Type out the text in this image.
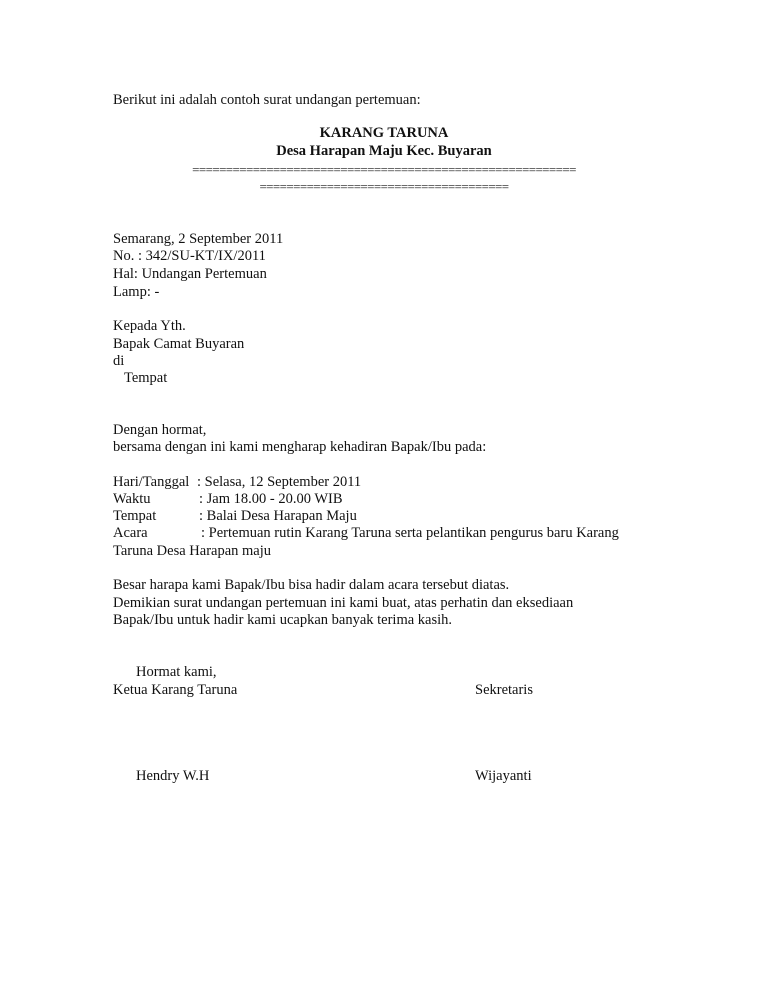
Berikut ini adalah contoh surat undangan pertemuan:
KARANG TARUNA
Desa Harapan Maju Kec. Buyaran
=========================================================
=====================================
Semarang, 2 September 2011
No. : 342/SU-KT/IX/2011
Hal: Undangan Pertemuan
Lamp: -
Kepada Yth.
Bapak Camat Buyaran
di
Tempat
Dengan hormat,
bersama dengan ini kami mengharap kehadiran Bapak/Ibu pada:
Hari/Tanggal : Selasa, 12 September 2011
Waktu	: Jam 18.00 - 20.00 WIB
Tempat	: Balai Desa Harapan Maju
Acara	: Pertemuan rutin Karang Taruna serta pelantikan pengurus baru Karang
Taruna Desa Harapan maju
Besar harapa kami Bapak/Ibu bisa hadir dalam acara tersebut diatas.
Demikian surat undangan pertemuan ini kami buat, atas perhatin dan eksediaan
Bapak/Ibu untuk hadir kami ucapkan banyak terima kasih.
Hormat kami,
Ketua Karang Taruna	Sekretaris
Hendry W.H	Wijayanti
